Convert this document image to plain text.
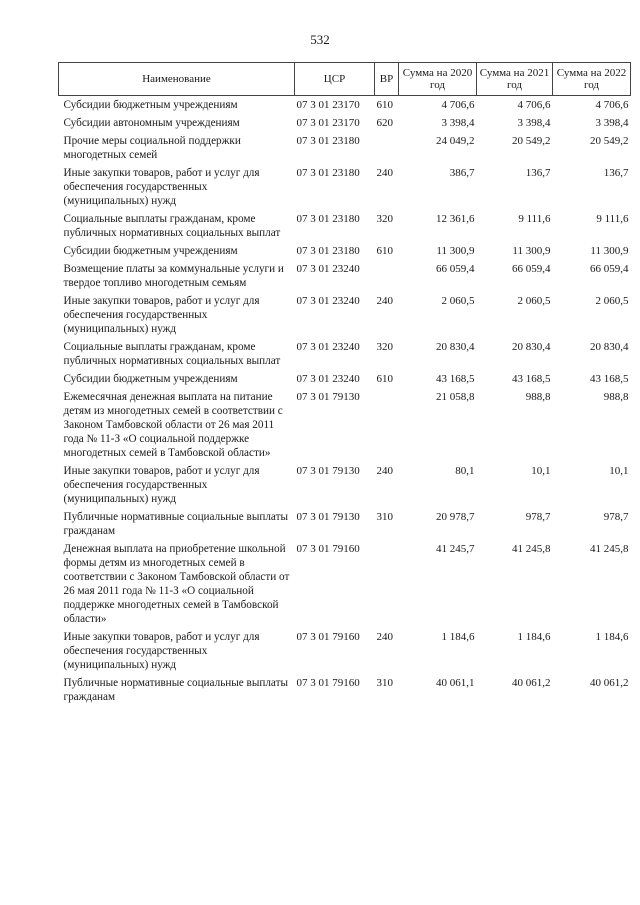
532
Наименование	ЦСР	ВР	Сумма на 2020 год	Сумма на 2021 год	Сумма на 2022 год
Субсидии бюджетным учреждениям	07 3 01 23170	610	4 706,6	4 706,6	4 706,6
Субсидии автономным учреждениям	07 3 01 23170	620	3 398,4	3 398,4	3 398,4
Прочие меры социальной поддержки многодетных семей	07 3 01 23180		24 049,2	20 549,2	20 549,2
Иные закупки товаров, работ и услуг для обеспечения государственных (муниципальных) нужд	07 3 01 23180	240	386,7	136,7	136,7
Социальные выплаты гражданам, кроме публичных нормативных социальных выплат	07 3 01 23180	320	12 361,6	9 111,6	9 111,6
Субсидии бюджетным учреждениям	07 3 01 23180	610	11 300,9	11 300,9	11 300,9
Возмещение платы за коммунальные услуги и твердое топливо многодетным семьям	07 3 01 23240		66 059,4	66 059,4	66 059,4
Иные закупки товаров, работ и услуг для обеспечения государственных (муниципальных) нужд	07 3 01 23240	240	2 060,5	2 060,5	2 060,5
Социальные выплаты гражданам, кроме публичных нормативных социальных выплат	07 3 01 23240	320	20 830,4	20 830,4	20 830,4
Субсидии бюджетным учреждениям	07 3 01 23240	610	43 168,5	43 168,5	43 168,5
Ежемесячная денежная выплата на питание детям из многодетных семей в соответствии с Законом Тамбовской области от 26 мая 2011 года № 11-З «О социальной поддержке многодетных семей в Тамбовской области»	07 3 01 79130		21 058,8	988,8	988,8
Иные закупки товаров, работ и услуг для обеспечения государственных (муниципальных) нужд	07 3 01 79130	240	80,1	10,1	10,1
Публичные нормативные социальные выплаты гражданам	07 3 01 79130	310	20 978,7	978,7	978,7
Денежная выплата на приобретение школьной формы детям из многодетных семей в соответствии с Законом Тамбовской области от 26 мая 2011 года № 11-З «О социальной поддержке многодетных семей в Тамбовской области»	07 3 01 79160		41 245,7	41 245,8	41 245,8
Иные закупки товаров, работ и услуг для обеспечения государственных (муниципальных) нужд	07 3 01 79160	240	1 184,6	1 184,6	1 184,6
Публичные нормативные социальные выплаты гражданам	07 3 01 79160	310	40 061,1	40 061,2	40 061,2
